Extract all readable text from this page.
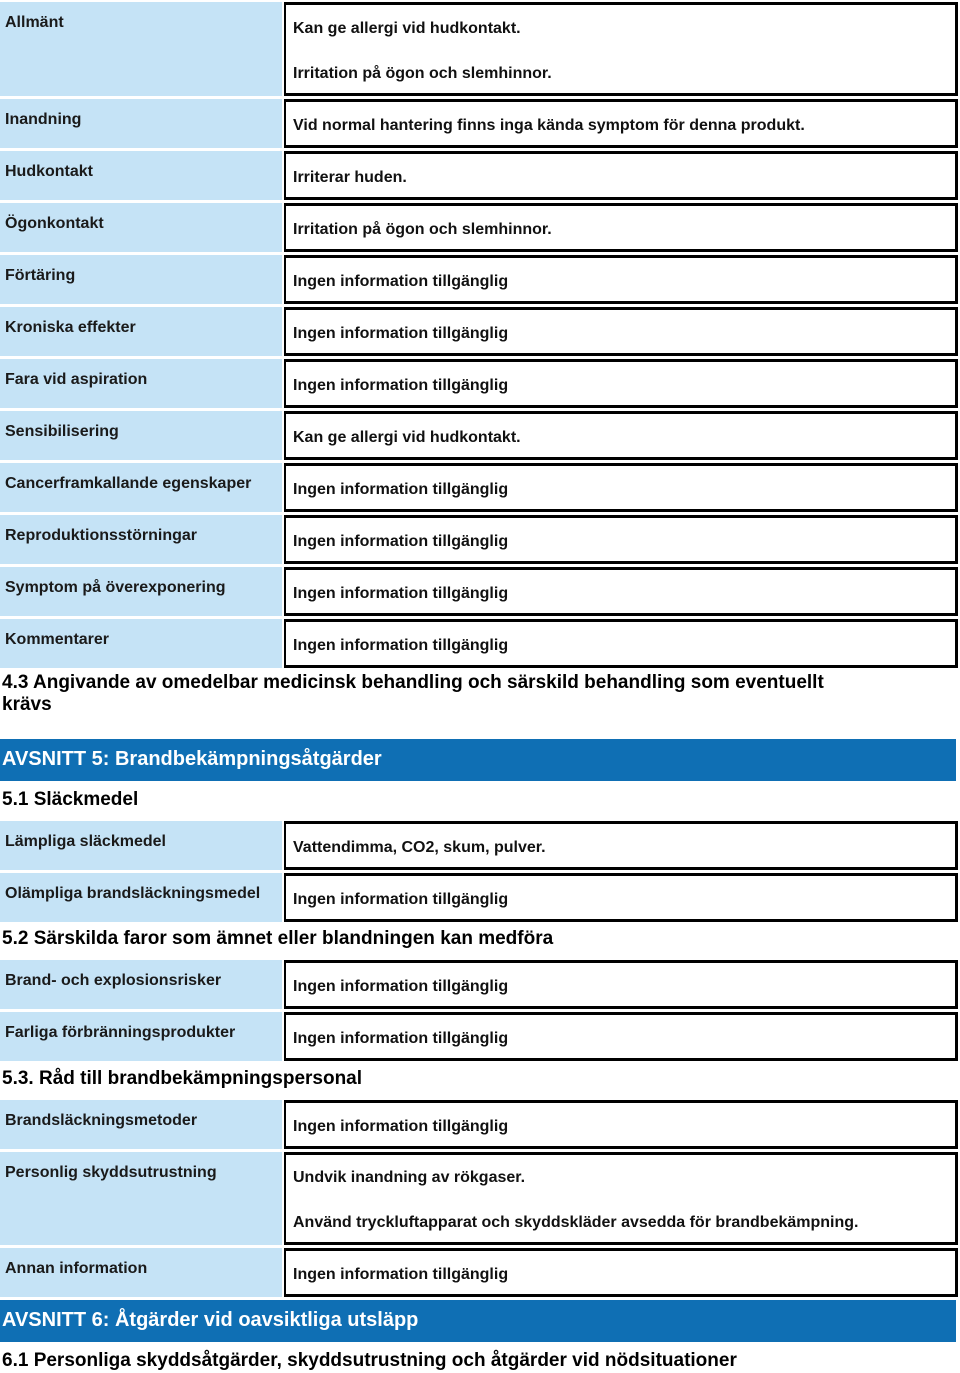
Allmänt	Kan ge allergi vid hudkontakt.
Irritation på ögon och slemhinnor.
Inandning	Vid normal hantering finns inga kända symptom för denna produkt.
Hudkontakt	Irriterar huden.
Ögonkontakt	Irritation på ögon och slemhinnor.
Förtäring	Ingen information tillgänglig
Kroniska effekter	Ingen information tillgänglig
Fara vid aspiration	Ingen information tillgänglig
Sensibilisering	Kan ge allergi vid hudkontakt.
Cancerframkallande egenskaper	Ingen information tillgänglig
Reproduktionsstörningar	Ingen information tillgänglig
Symptom på överexponering	Ingen information tillgänglig
Kommentarer	Ingen information tillgänglig
4.3 Angivande av omedelbar medicinsk behandling och särskild behandling som eventuellt krävs
AVSNITT 5: Brandbekämpningsåtgärder
5.1 Släckmedel
Lämpliga släckmedel	Vattendimma, CO2, skum, pulver.
Olämpliga brandsläckningsmedel	Ingen information tillgänglig
5.2 Särskilda faror som ämnet eller blandningen kan medföra
Brand- och explosionsrisker	Ingen information tillgänglig
Farliga förbränningsprodukter	Ingen information tillgänglig
5.3. Råd till brandbekämpningspersonal
Brandsläckningsmetoder	Ingen information tillgänglig
Personlig skyddsutrustning	Undvik inandning av rökgaser.
Använd tryckluftapparat och skyddskläder avsedda för brandbekämpning.
Annan information	Ingen information tillgänglig
AVSNITT 6: Åtgärder vid oavsiktliga utsläpp
6.1 Personliga skyddsåtgärder, skyddsutrustning och åtgärder vid nödsituationer
